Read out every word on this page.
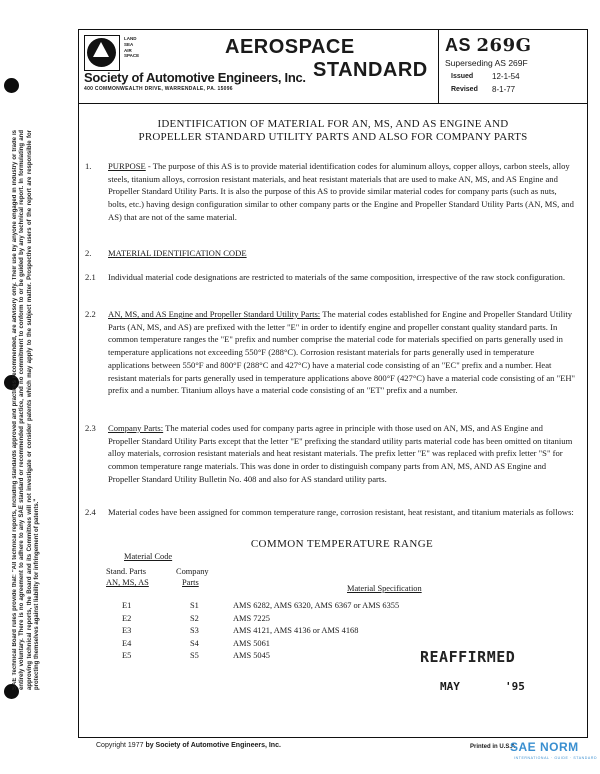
SAE Technical Board rules provide that: "All technical reports, including standards approved and practices recommended, are advisory only. Their use by anyone engaged in industry or trade is entirely voluntary. There is no agreement to adhere to any SAE standard or recommended practice, and no commitment to conform to or be guided by any technical report. In formulating and approving technical reports, the Board and its Committees will not investigate or consider patents which may apply to the subject matter. Prospective users of the report are responsible for protecting themselves against liability for infringement of patents."
LAND
SEA
AIR
SPACE
Society of Automotive Engineers, Inc.
400 COMMONWEALTH DRIVE, WARRENDALE, PA. 15096
AEROSPACE
STANDARD
AS 269G
Superseding AS 269F
Issued 12-1-54
Revised 8-1-77
IDENTIFICATION OF MATERIAL FOR AN, MS, AND AS ENGINE AND
PROPELLER STANDARD UTILITY PARTS AND ALSO FOR COMPANY PARTS
1. PURPOSE - The purpose of this AS is to provide material identification codes for aluminum alloys, copper alloys, carbon steels, alloy steels, titanium alloys, corrosion resistant materials, and heat resistant materials that are used to make AN, MS, and AS Engine and Propeller Standard Utility Parts. It is also the purpose of this AS to provide similar material codes for company parts (such as nuts, bolts, etc.) having design configuration similar to other company parts or the Engine and Propeller Standard Utility Parts (AN, MS, and AS) that are not of the same material.
2. MATERIAL IDENTIFICATION CODE
2.1 Individual material code designations are restricted to materials of the same composition, irrespective of the raw stock configuration.
2.2 AN, MS, and AS Engine and Propeller Standard Utility Parts: The material codes established for Engine and Propeller Standard Utility Parts (AN, MS, and AS) are prefixed with the letter "E" in order to identify engine and propeller constant quality standard parts. In common temperature ranges the "E" prefix and number comprise the material code for materials specified on parts generally used in temperature applications not exceeding 550°F (288°C). Corrosion resistant materials for parts generally used in temperature applications between 550°F and 800°F (288°C and 427°C) have a material code consisting of an "EC" prefix and a number. Heat resistant materials for parts generally used in temperature applications above 800°F (427°C) have a material code consisting of an "EH" prefix and a number. Titanium alloys have a material code consisting of an "ET" prefix and a number.
2.3 Company Parts: The material codes used for company parts agree in principle with those used on AN, MS, and AS Engine and Propeller Standard Utility Parts except that the letter "E" prefixing the standard utility parts material code has been omitted on titanium alloy materials, corrosion resistant materials and heat resistant materials. The prefix letter "E" was replaced with prefix letter "S" for common temperature range materials. This was done in order to distinguish company parts from AN, MS, AND AS Engine and Propeller Standard Utility Bulletin No. 408 and also for AS standard utility parts.
2.4 Material codes have been assigned for common temperature range, corrosion resistant, heat resistant, and titanium materials as follows:
COMMON TEMPERATURE RANGE
Material Code
Stand. Parts
AN, MS, AS
Company
Parts
Material Specification
E1	S1	AMS 6282, AMS 6320, AMS 6367 or AMS 6355
E2	S2	AMS 7225
E3	S3	AMS 4121, AMS 4136 or AMS 4168
E4	S4	AMS 5061
E5	S5	AMS 5045	REAFFIRMED
MAY	'95
Copyright 1977 by Society of Automotive Engineers, Inc.	Printed in U.S.A.
SAE NORM
INTERNATIONAL · GUIDE · STANDARD
